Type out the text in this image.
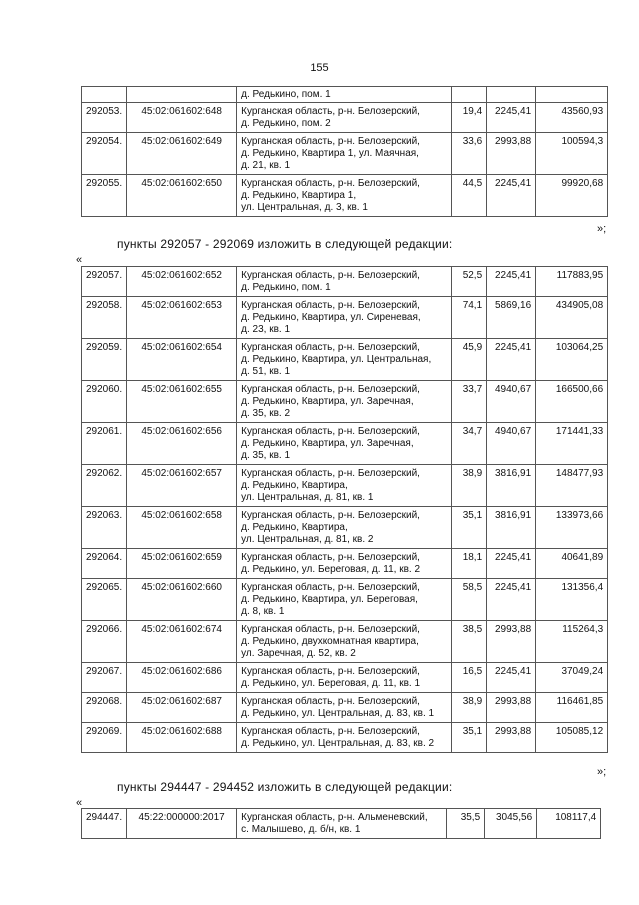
155
		д. Редькино, пом. 1			
292053.	45:02:061602:648	Курганская область, р-н. Белозерский,
д. Редькино, пом. 2	19,4	2245,41	43560,93
292054.	45:02:061602:649	Курганская область, р-н. Белозерский,
д. Редькино, Квартира 1, ул. Маячная,
д. 21, кв. 1	33,6	2993,88	100594,3
292055.	45:02:061602:650	Курганская область, р-н. Белозерский,
д. Редькино, Квартира 1,
ул. Центральная, д. 3, кв. 1	44,5	2245,41	99920,68
»;
пункты 292057 - 292069 изложить в следующей редакции:
«
292057.	45:02:061602:652	Курганская область, р-н. Белозерский,
д. Редькино, пом. 1	52,5	2245,41	117883,95
292058.	45:02:061602:653	Курганская область, р-н. Белозерский,
д. Редькино, Квартира, ул. Сиреневая,
д. 23, кв. 1	74,1	5869,16	434905,08
292059.	45:02:061602:654	Курганская область, р-н. Белозерский,
д. Редькино, Квартира, ул. Центральная,
д. 51, кв. 1	45,9	2245,41	103064,25
292060.	45:02:061602:655	Курганская область, р-н. Белозерский,
д. Редькино, Квартира, ул. Заречная,
д. 35, кв. 2	33,7	4940,67	166500,66
292061.	45:02:061602:656	Курганская область, р-н. Белозерский,
д. Редькино, Квартира, ул. Заречная,
д. 35, кв. 1	34,7	4940,67	171441,33
292062.	45:02:061602:657	Курганская область, р-н. Белозерский,
д. Редькино, Квартира,
ул. Центральная, д. 81, кв. 1	38,9	3816,91	148477,93
292063.	45:02:061602:658	Курганская область, р-н. Белозерский,
д. Редькино, Квартира,
ул. Центральная, д. 81, кв. 2	35,1	3816,91	133973,66
292064.	45:02:061602:659	Курганская область, р-н. Белозерский,
д. Редькино, ул. Береговая, д. 11, кв. 2	18,1	2245,41	40641,89
292065.	45:02:061602:660	Курганская область, р-н. Белозерский,
д. Редькино, Квартира, ул. Береговая,
д. 8, кв. 1	58,5	2245,41	131356,4
292066.	45:02:061602:674	Курганская область, р-н. Белозерский,
д. Редькино, двухкомнатная квартира,
ул. Заречная, д. 52, кв. 2	38,5	2993,88	115264,3
292067.	45:02:061602:686	Курганская область, р-н. Белозерский,
д. Редькино, ул. Береговая, д. 11, кв. 1	16,5	2245,41	37049,24
292068.	45:02:061602:687	Курганская область, р-н. Белозерский,
д. Редькино, ул. Центральная, д. 83, кв. 1	38,9	2993,88	116461,85
292069.	45:02:061602:688	Курганская область, р-н. Белозерский,
д. Редькино, ул. Центральная, д. 83, кв. 2	35,1	2993,88	105085,12
»;
пункты 294447 - 294452 изложить в следующей редакции:
«
294447.	45:22:000000:2017	Курганская область, р-н. Альменевский,
с. Малышево, д. б/н, кв. 1	35,5	3045,56	108117,4
